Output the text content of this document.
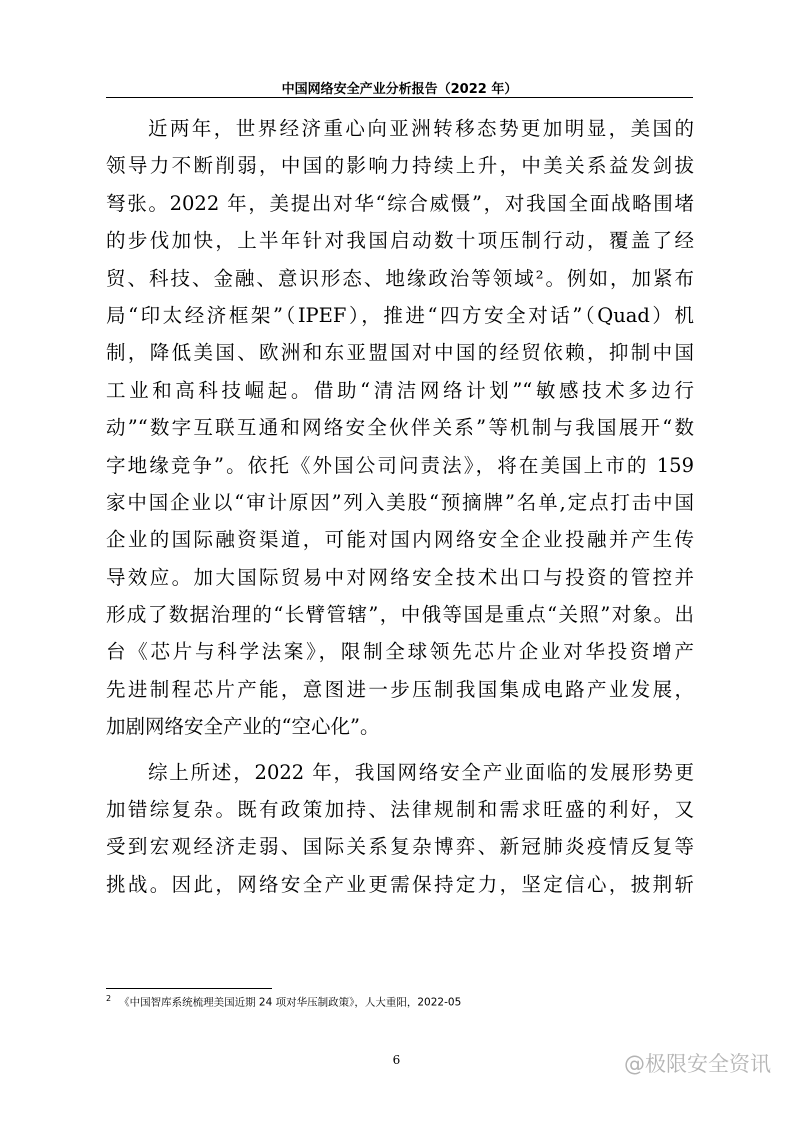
中国网络安全产业分析报告（2022 年）
近两年，世界经济重心向亚洲转移态势更加明显，美国的
领导力不断削弱，中国的影响力持续上升，中美关系益发剑拔
弩张。2022 年，美提出对华“综合威慑”，对我国全面战略围堵
的步伐加快，上半年针对我国启动数十项压制行动，覆盖了经
贸、科技、金融、意识形态、地缘政治等领域²。例如，加紧布
局“印太经济框架”（IPEF），推进“四方安全对话”（Quad）机
制，降低美国、欧洲和东亚盟国对中国的经贸依赖，抑制中国
工业和高科技崛起。借助“清洁网络计划”“敏感技术多边行
动”“数字互联互通和网络安全伙伴关系”等机制与我国展开“数
字地缘竞争”。依托《外国公司问责法》，将在美国上市的 159
家中国企业以“审计原因”列入美股“预摘牌”名单,定点打击中国
企业的国际融资渠道，可能对国内网络安全企业投融并产生传
导效应。加大国际贸易中对网络安全技术出口与投资的管控并
形成了数据治理的“长臂管辖”，中俄等国是重点“关照”对象。出
台《芯片与科学法案》，限制全球领先芯片企业对华投资增产
先进制程芯片产能，意图进一步压制我国集成电路产业发展，
加剧网络安全产业的“空心化”。
综上所述，2022 年，我国网络安全产业面临的发展形势更
加错综复杂。既有政策加持、法律规制和需求旺盛的利好，又
受到宏观经济走弱、国际关系复杂博弈、新冠肺炎疫情反复等
挑战。因此，网络安全产业更需保持定力，坚定信心，披荆斩
$^2$ 《中国智库系统梳理美国近期 24 项对华压制政策》，人大重阳，2022-05
6	@极限安全资讯
